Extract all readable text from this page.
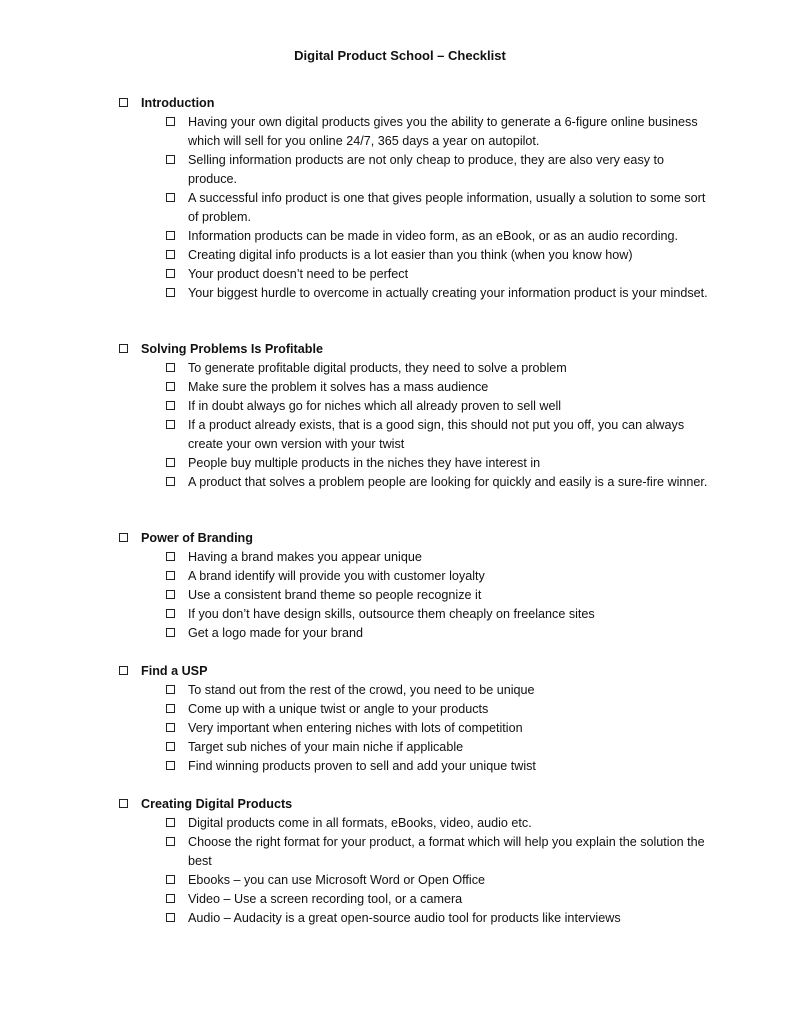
Digital Product School – Checklist
Introduction
Having your own digital products gives you the ability to generate a 6-figure online business which will sell for you online 24/7, 365 days a year on autopilot.
Selling information products are not only cheap to produce, they are also very easy to produce.
A successful info product is one that gives people information, usually a solution to some sort of problem.
Information products can be made in video form, as an eBook, or as an audio recording.
Creating digital info products is a lot easier than you think (when you know how)
Your product doesn’t need to be perfect
Your biggest hurdle to overcome in actually creating your information product is your mindset.
Solving Problems Is Profitable
To generate profitable digital products, they need to solve a problem
Make sure the problem it solves has a mass audience
If in doubt always go for niches which all already proven to sell well
If a product already exists, that is a good sign, this should not put you off, you can always create your own version with your twist
People buy multiple products in the niches they have interest in
A product that solves a problem people are looking for quickly and easily is a sure-fire winner.
Power of Branding
Having a brand makes you appear unique
A brand identify will provide you with customer loyalty
Use a consistent brand theme so people recognize it
If you don’t have design skills, outsource them cheaply on freelance sites
Get a logo made for your brand
Find a USP
To stand out from the rest of the crowd, you need to be unique
Come up with a unique twist or angle to your products
Very important when entering niches with lots of competition
Target sub niches of your main niche if applicable
Find winning products proven to sell and add your unique twist
Creating Digital Products
Digital products come in all formats, eBooks, video, audio etc.
Choose the right format for your product, a format which will help you explain the solution the best
Ebooks – you can use Microsoft Word or Open Office
Video – Use a screen recording tool, or a camera
Audio – Audacity is a great open-source audio tool for products like interviews
